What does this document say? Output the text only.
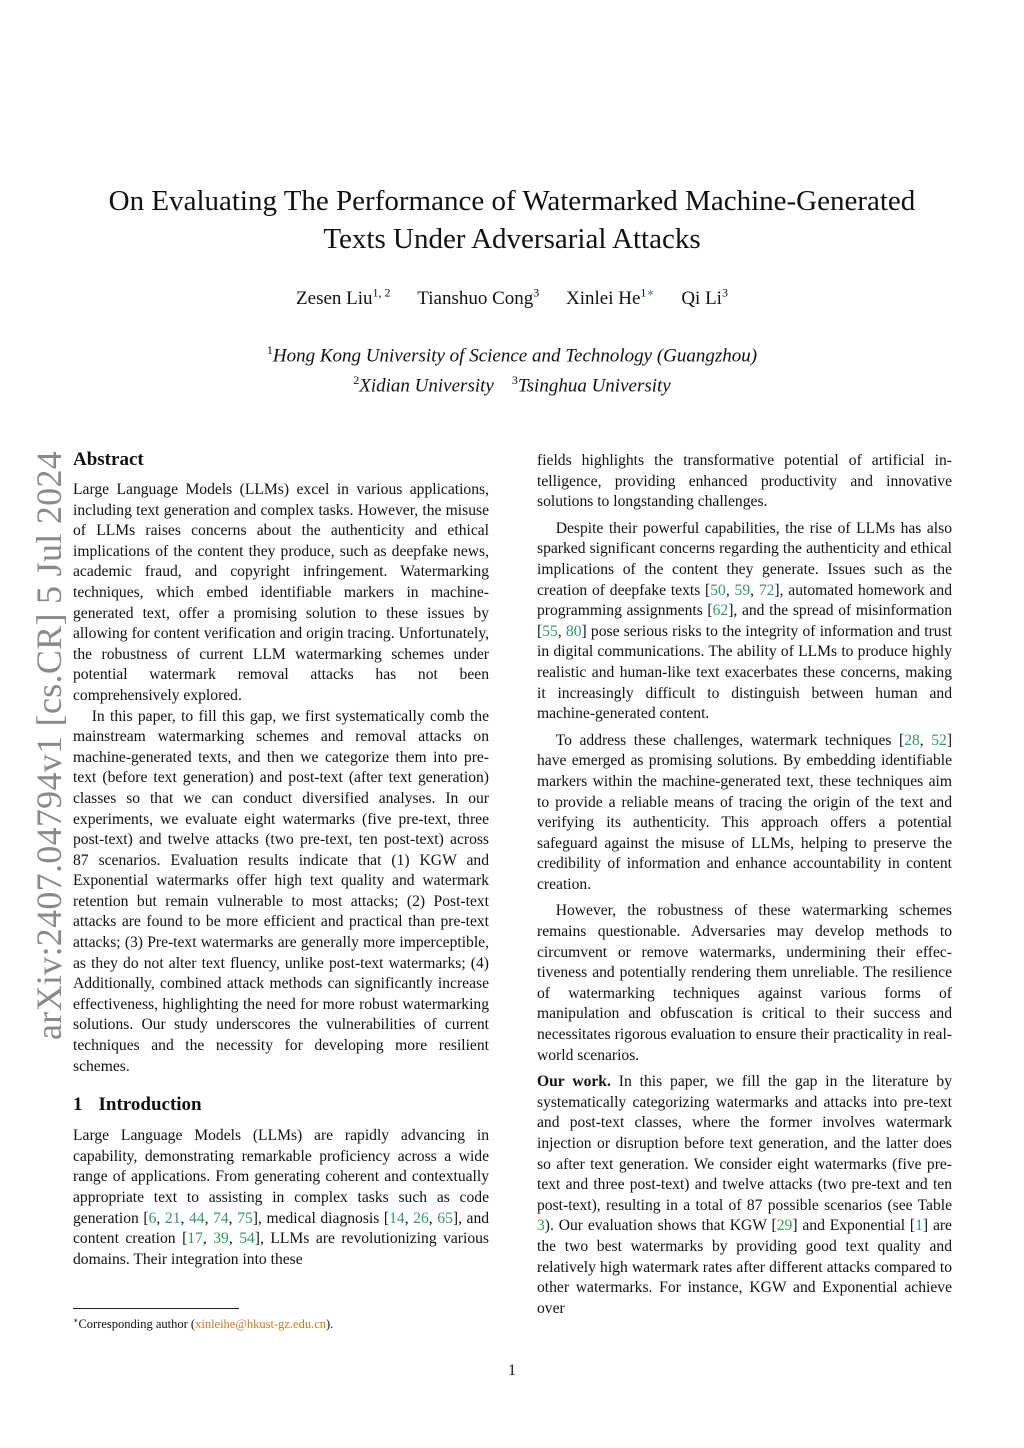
arXiv:2407.04794v1 [cs.CR] 5 Jul 2024
On Evaluating The Performance of Watermarked Machine-Generated
Texts Under Adversarial Attacks
Zesen Liu$^{1, 2}$ Tianshuo Cong$^3$ Xinlei $He^{1∗}$ Qi Li$^3$
$^1$Hong Kong University of Science and Technology (Guangzhou)
$^2$Xidian University $^3$Tsinghua University
Abstract

Large Language Models (LLMs) excel in various applications, including text generation and complex tasks. However, the misuse of LLMs raises concerns about the authenticity and ethical implications of the content they produce, such as deepfake news, academic fraud, and copyright infringement. Watermarking techniques, which embed identifiable markers in machine-generated text, offer a promising solution to these issues by allowing for content verification and origin tracing. Unfortunately, the robustness of current LLM watermarking schemes under potential watermark removal attacks has not been comprehensively explored.

In this paper, to fill this gap, we first systematically comb the mainstream watermarking schemes and removal attacks on machine-generated texts, and then we categorize them into pre-text (before text generation) and post-text (after text generation) classes so that we can conduct diversified analyses. In our experiments, we evaluate eight watermarks (five pre-text, three post-text) and twelve attacks (two pre-text, ten post-text) across 87 scenarios. Evaluation results indicate that (1) KGW and Exponential watermarks offer high text quality and watermark retention but remain vulnerable to most attacks; (2) Post-text attacks are found to be more efficient and practical than pre-text attacks; (3) Pre-text watermarks are generally more imperceptible, as they do not alter text fluency, unlike post-text watermarks; (4) Additionally, combined attack methods can significantly increase effectiveness, highlighting the need for more robust watermarking solutions. Our study underscores the vulnerabilities of current techniques and the necessity for developing more resilient schemes.

1 Introduction

Large Language Models (LLMs) are rapidly advancing in capability, demonstrating remarkable proficiency across a wide range of applications. From generating coherent and contextually appropriate text to assisting in complex tasks such as code generation [6, 21, 44, 74, 75], medical diagnosis [14, 26, 65], and content creation [17, 39, 54], LLMs are revolutionizing various domains. Their integration into these

fields highlights the transformative potential of artificial intelligence, providing enhanced productivity and innovative solutions to longstanding challenges.

Despite their powerful capabilities, the rise of LLMs has also sparked significant concerns regarding the authenticity and ethical implications of the content they generate. Issues such as the creation of deepfake texts [50, 59, 72], automated homework and programming assignments [62], and the spread of misinformation [55, 80] pose serious risks to the integrity of information and trust in digital communications. The ability of LLMs to produce highly realistic and human-like text exacerbates these concerns, making it increasingly difficult to distinguish between human and machine-generated content.

To address these challenges, watermark techniques [28, 52] have emerged as promising solutions. By embedding identifiable markers within the machine-generated text, these techniques aim to provide a reliable means of tracing the origin of the text and verifying its authenticity. This approach offers a potential safeguard against the misuse of LLMs, helping to preserve the credibility of information and enhance accountability in content creation.

However, the robustness of these watermarking schemes remains questionable. Adversaries may develop methods to circumvent or remove watermarks, undermining their effectiveness and potentially rendering them unreliable. The resilience of watermarking techniques against various forms of manipulation and obfuscation is critical to their success and necessitates rigorous evaluation to ensure their practicality in real-world scenarios.

Our work. In this paper, we fill the gap in the literature by systematically categorizing watermarks and attacks into pre-text and post-text classes, where the former involves watermark injection or disruption before text generation, and the latter does so after text generation. We consider eight watermarks (five pre-text and three post-text) and twelve attacks (two pre-text and ten post-text), resulting in a total of 87 possible scenarios (see Table 3). Our evaluation shows that KGW [29] and Exponential [1] are the two best watermarks by providing good text quality and relatively high watermark rates after different attacks compared to other watermarks. For instance, KGW and Exponential achieve over

∗Corresponding author (xinleihe@hkust-gz.edu.cn).
1
